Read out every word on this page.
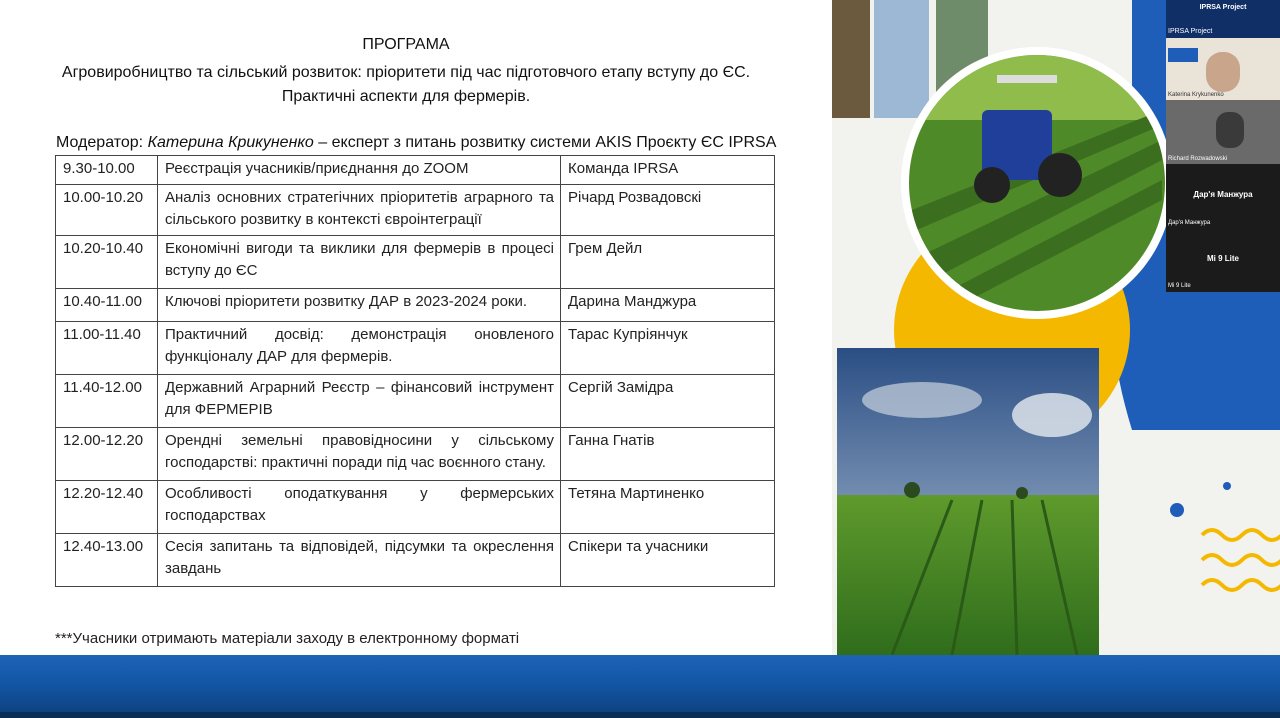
ПРОГРАМА
Агровиробництво та сільський розвиток: пріоритети під час підготовчого етапу вступу до ЄС. Практичні аспекти для фермерів.
Модератор: Катерина Крикуненко – експерт з питань розвитку системи AKIS Проєкту ЄС IPRSA
9.30-10.00	Реєстрація учасників/приєднання до ZOOM	Команда IPRSA
10.00-10.20	Аналіз основних стратегічних пріоритетів аграрного та сільського розвитку в контексті євроінтеграції	Річард Розвадовскі
10.20-10.40	Економічні вигоди та виклики для фермерів в процесі вступу до ЄС	Грем Дейл
10.40-11.00	Ключові пріоритети розвитку ДАР в 2023-2024 роки.	Дарина Манджура
11.00-11.40	Практичний досвід: демонстрація оновленого функціоналу ДАР для фермерів.	Тарас Купріянчук
11.40-12.00	Державний Аграрний Реєстр – фінансовий інструмент для ФЕРМЕРІВ	Сергій Замідра
12.00-12.20	Орендні земельні правовідносини у сільському господарстві: практичні поради під час воєнного стану.	Ганна Гнатів
12.20-12.40	Особливості оподаткування у фермерських господарствах	Тетяна Мартиненко
12.40-13.00	Сесія запитань та відповідей, підсумки та окреслення завдань	Спікери та учасники
***Учасники отримають матеріали заходу в електронному форматі
IPRSA Project
IPRSA Project
Katerina Krykunenko
Richard Rozwadowski
Дар'я Манжура
Дар'я Манжура
Mi 9 Lite
Mi 9 Lite
